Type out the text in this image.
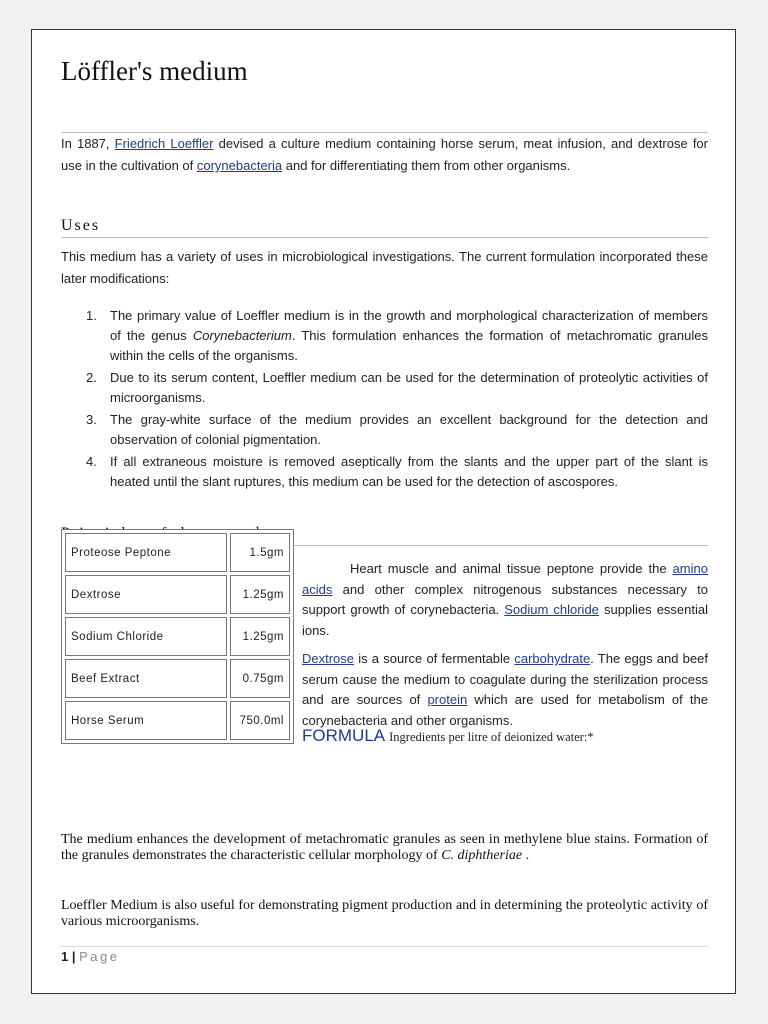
Löffler's medium

In 1887, Friedrich Loeffler devised a culture medium containing horse serum, meat infusion, and dextrose for use in the cultivation of corynebacteria and for differentiating them from other organisms.

Uses

This medium has a variety of uses in microbiological investigations. The current formulation incorporated these later modifications:

1. The primary value of Loeffler medium is in the growth and morphological characterization of members of the genus Corynebacterium. This formulation enhances the formation of metachromatic granules within the cells of the organisms.
2. Due to its serum content, Loeffler medium can be used for the determination of proteolytic activities of microorganisms.
3. The gray-white surface of the medium provides an excellent background for the detection and observation of colonial pigmentation.
4. If all extraneous moisture is removed aseptically from the slants and the upper part of the slant is heated until the slant ruptures, this medium can be used for the detection of ascospores.
Proteose Peptone	1.5gm
Dextrose	1.25gm
Sodium Chloride	1.25gm
Beef Extract	0.75gm
Horse Serum	750.0ml

Heart muscle and animal tissue peptone provide the amino acids and other complex nitrogenous substances necessary to support growth of corynebacteria. Sodium chloride supplies essential ions.

Dextrose is a source of fermentable carbohydrate. The eggs and beef serum cause the medium to coagulate during the sterilization process and are sources of protein which are used for metabolism of the corynebacteria and other organisms.

FORMULA Ingredients per litre of deionized water:*

The medium enhances the development of metachromatic granules as seen in methylene blue stains. Formation of the granules demonstrates the characteristic cellular morphology of C. diphtheriae .

Loeffler Medium is also useful for demonstrating pigment production and in determining the proteolytic activity of various microorganisms.

1 | Page
